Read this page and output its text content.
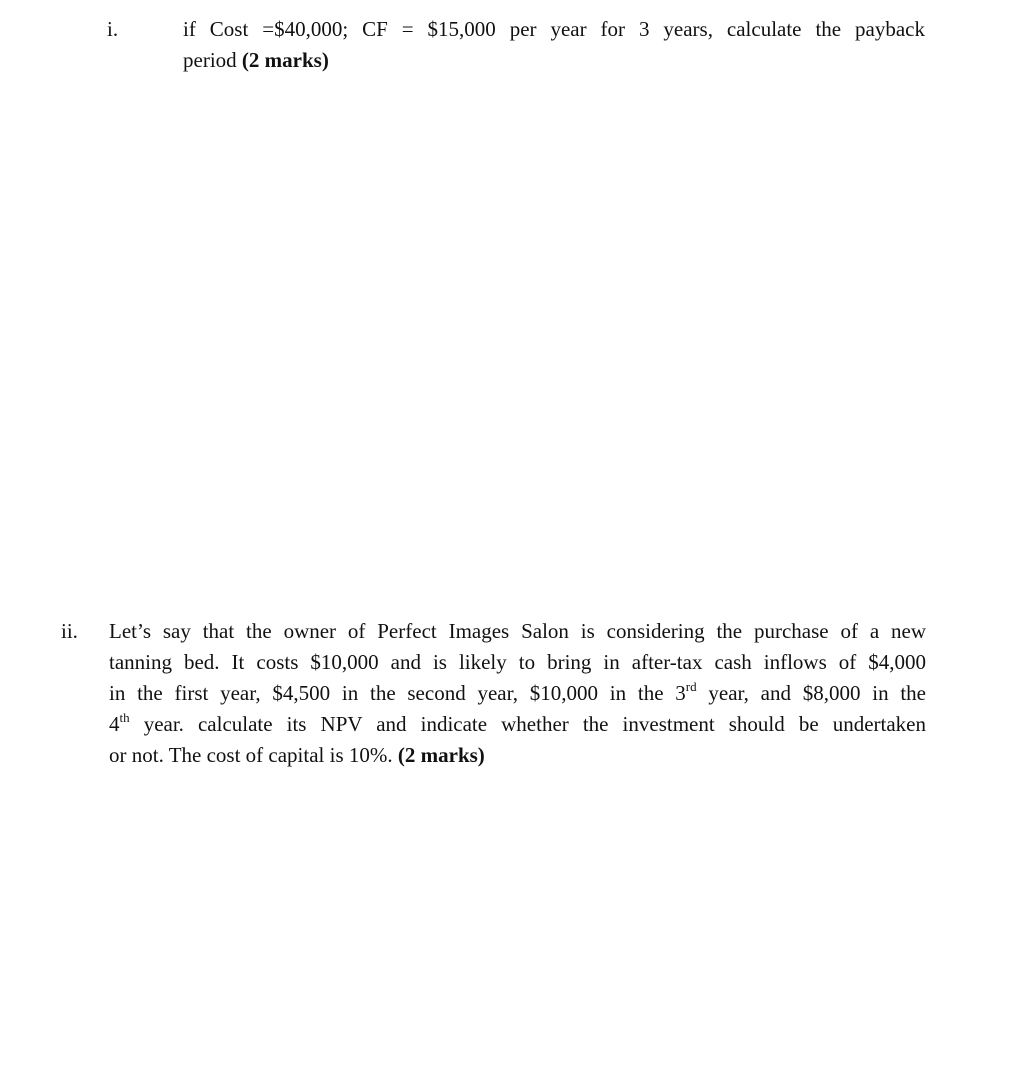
i.	if Cost =$40,000; CF = $15,000 per year for 3 years, calculate the payback
period (2 marks)
ii. Let’s say that the owner of Perfect Images Salon is considering the purchase of a new
tanning bed. It costs $10,000 and is likely to bring in after-tax cash inflows of $4,000
in the first year, $4,500 in the second year, $10,000 in the 3rd year, and $8,000 in the
4th year. calculate its NPV and indicate whether the investment should be undertaken
or not. The cost of capital is 10%. (2 marks)
